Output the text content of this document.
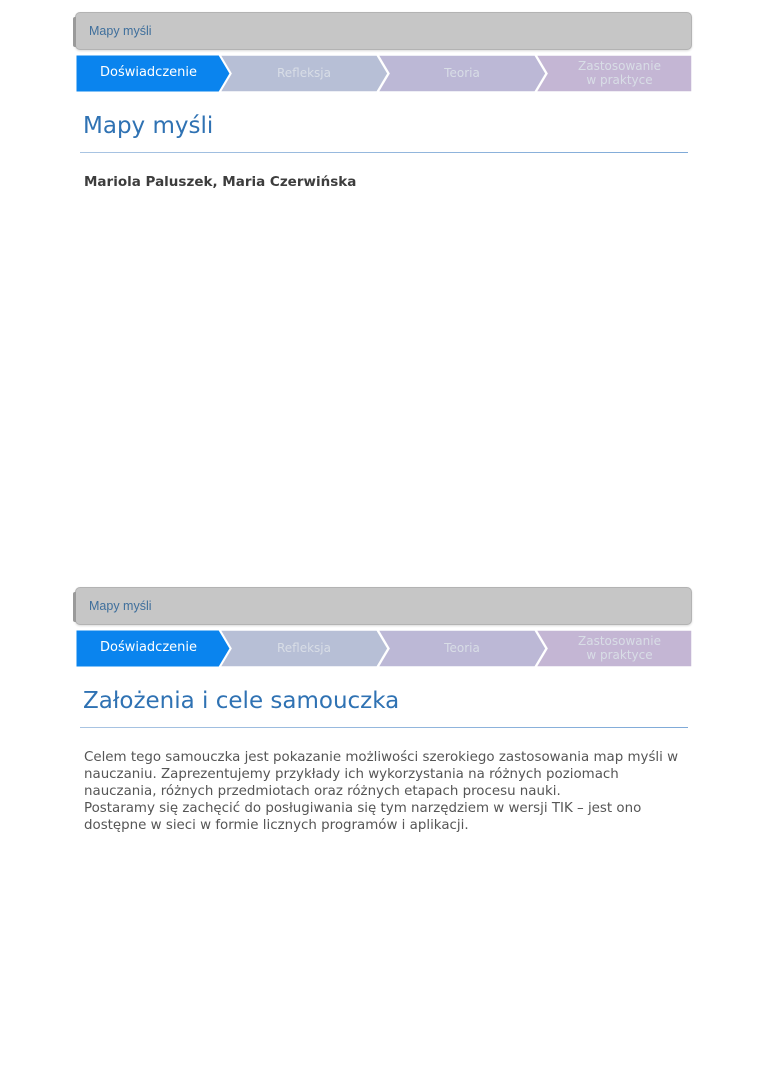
Mapy myśli
Doświadczenie	Refleksja	Teoria	Zastosowanie
w praktyce
Mapy myśli
Mariola Paluszek, Maria Czerwińska
Mapy myśli
Doświadczenie	Refleksja	Teoria	Zastosowanie
w praktyce
Założenia i cele samouczka

Celem tego samouczka jest pokazanie możliwości szerokiego zastosowania map myśli w nauczaniu. Zaprezentujemy przykłady ich wykorzystania na różnych poziomach nauczania, różnych przedmiotach oraz różnych etapach procesu nauki.

Postaramy się zachęcić do posługiwania się tym narzędziem w wersji TIK – jest ono dostępne w sieci w formie licznych programów i aplikacji.
